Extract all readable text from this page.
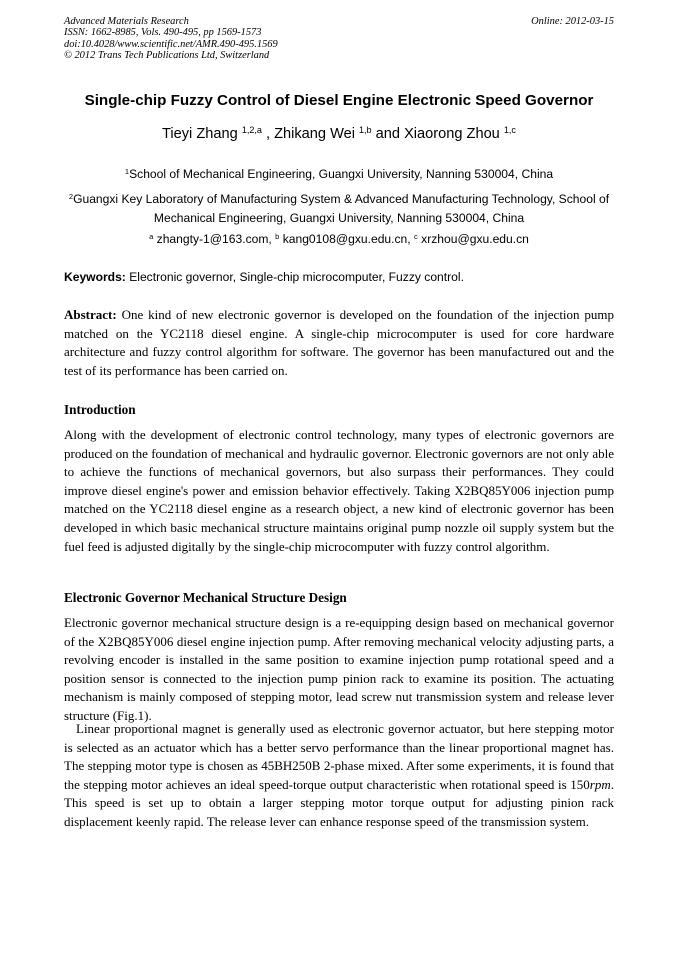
Advanced Materials Research
ISSN: 1662-8985, Vols. 490-495, pp 1569-1573
doi:10.4028/www.scientific.net/AMR.490-495.1569
© 2012 Trans Tech Publications Ltd, Switzerland
Online: 2012-03-15
Single-chip Fuzzy Control of Diesel Engine Electronic Speed Governor
Tieyi Zhang $^{1,2,a}$ , Zhikang Wei $^{1,b}$ and Xiaorong Zhou $^{1,c}$
$^1$School of Mechanical Engineering, Guangxi University, Nanning 530004, China
$^2$Guangxi Key Laboratory of Manufacturing System & Advanced Manufacturing Technology, School of Mechanical Engineering, Guangxi University, Nanning 530004, China
$^a$ zhangty-1@163.com, $^b$ kang0108@gxu.edu.cn, $^c$ xrzhou@gxu.edu.cn
Keywords: Electronic governor, Single-chip microcomputer, Fuzzy control.
Abstract: One kind of new electronic governor is developed on the foundation of the injection pump matched on the YC2118 diesel engine. A single-chip microcomputer is used for core hardware architecture and fuzzy control algorithm for software. The governor has been manufactured out and the test of its performance has been carried on.
Introduction

Along with the development of electronic control technology, many types of electronic governors are produced on the foundation of mechanical and hydraulic governor. Electronic governors are not only able to achieve the functions of mechanical governors, but also surpass their performances. They could improve diesel engine's power and emission behavior effectively. Taking X2BQ85Y006 injection pump matched on the YC2118 diesel engine as a research object, a new kind of electronic governor has been developed in which basic mechanical structure maintains original pump nozzle oil supply system but the fuel feed is adjusted digitally by the single-chip microcomputer with fuzzy control algorithm.

Electronic Governor Mechanical Structure Design

Electronic governor mechanical structure design is a re-equipping design based on mechanical governor of the X2BQ85Y006 diesel engine injection pump. After removing mechanical velocity adjusting parts, a revolving encoder is installed in the same position to examine injection pump rotational speed and a position sensor is connected to the injection pump pinion rack to examine its position. The actuating mechanism is mainly composed of stepping motor, lead screw nut transmission system and release lever structure (Fig.1).

Linear proportional magnet is generally used as electronic governor actuator, but here stepping motor is selected as an actuator which has a better servo performance than the linear proportional magnet has. The stepping motor type is chosen as 45BH250B 2-phase mixed. After some experiments, it is found that the stepping motor achieves an ideal speed-torque output characteristic when rotational speed is 150rpm. This speed is set up to obtain a larger stepping motor torque output for adjusting pinion rack displacement keenly rapid. The release lever can enhance response speed of the transmission system.
